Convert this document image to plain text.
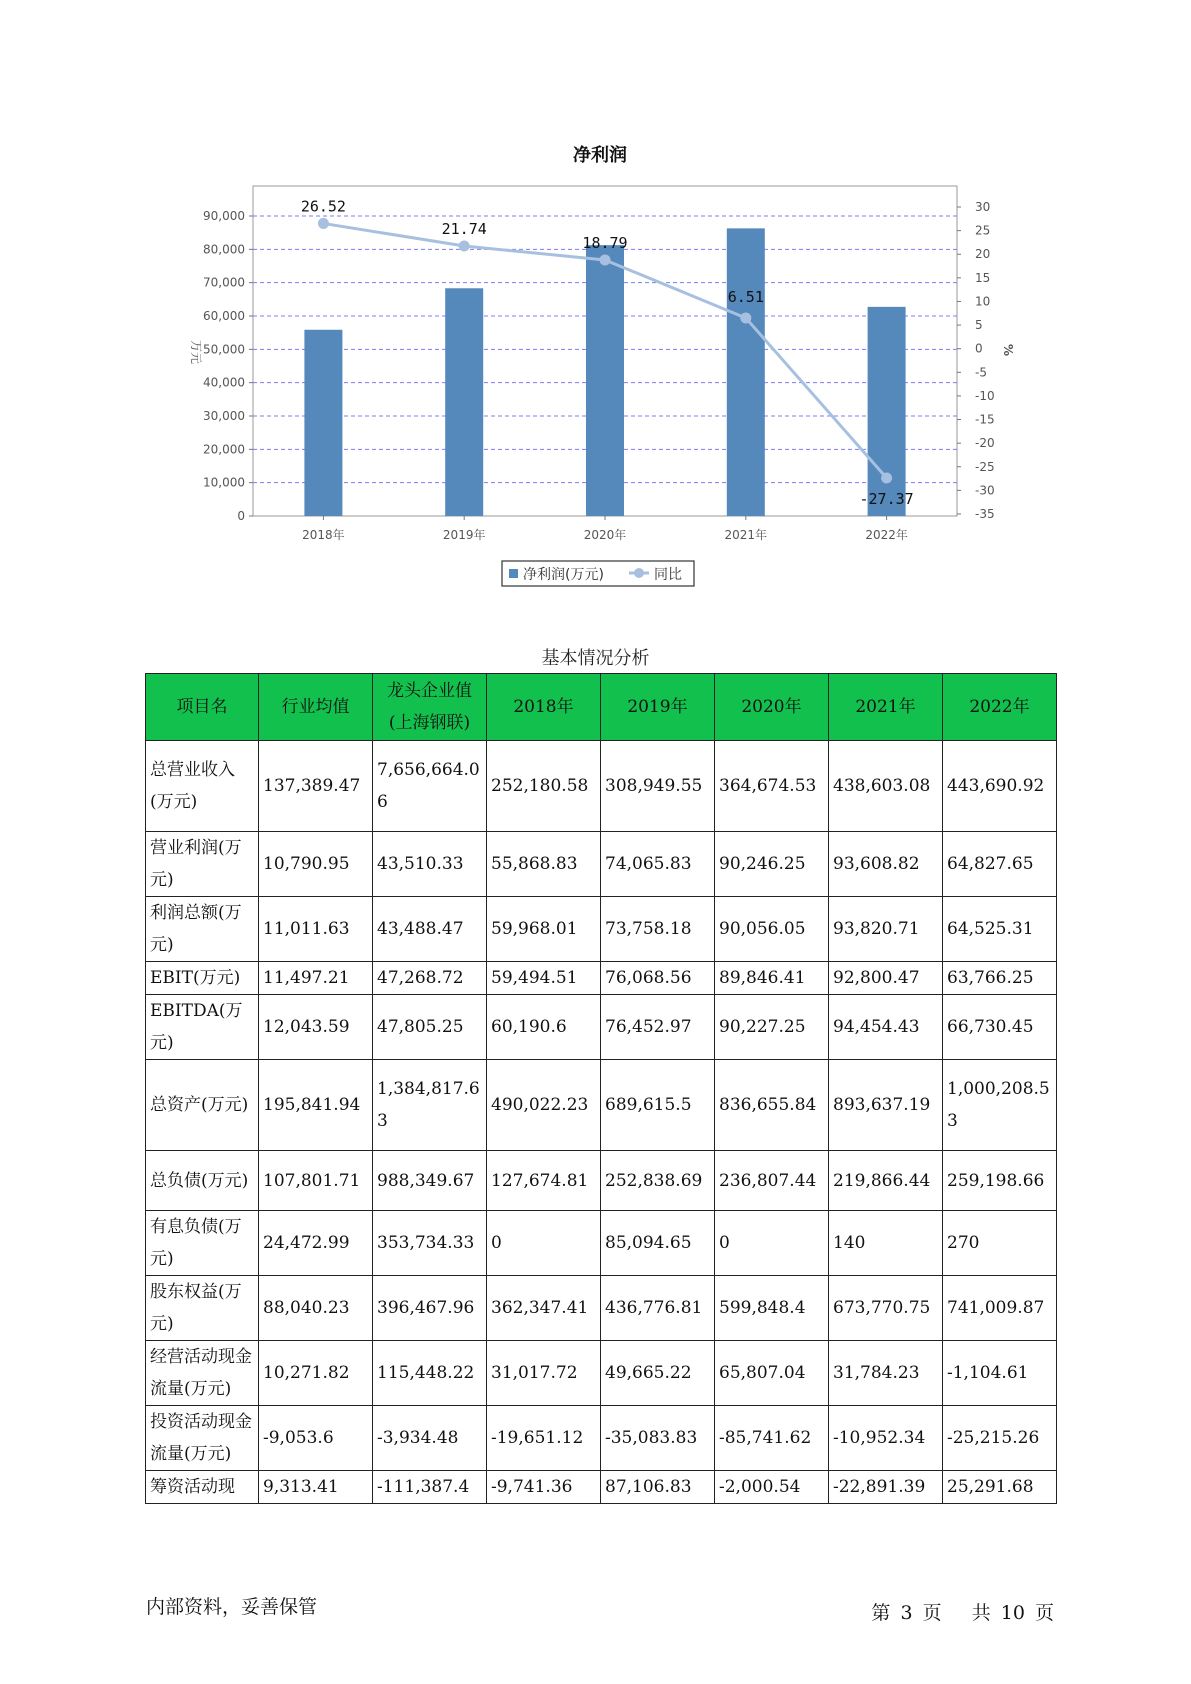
净利润
0
10,000
20,000
30,000
40,000
50,000
60,000
70,000
80,000
90,000
30
25
20
15
10
5
0
-5
-10
-15
-20
-25
-30
-35
万元	%
2018年	2019年	2020年	2021年	2022年
26.52
21.74
18.79
6.51
-27.37
净利润(万元)	同比
基本情况分析
项目名	行业均值	龙头企业值(上海钢联)	2018年	2019年	2020年	2021年	2022年
总营业收入(万元)	137,389.47	7,656,664.06	252,180.58	308,949.55	364,674.53	438,603.08	443,690.92
营业利润(万元)	10,790.95	43,510.33	55,868.83	74,065.83	90,246.25	93,608.82	64,827.65
利润总额(万元)	11,011.63	43,488.47	59,968.01	73,758.18	90,056.05	93,820.71	64,525.31
EBIT(万元)	11,497.21	47,268.72	59,494.51	76,068.56	89,846.41	92,800.47	63,766.25
EBITDA(万元)	12,043.59	47,805.25	60,190.6	76,452.97	90,227.25	94,454.43	66,730.45
总资产(万元)	195,841.94	1,384,817.63	490,022.23	689,615.5	836,655.84	893,637.19	1,000,208.53
总负债(万元)	107,801.71	988,349.67	127,674.81	252,838.69	236,807.44	219,866.44	259,198.66
有息负债(万元)	24,472.99	353,734.33	0	85,094.65	0	140	270
股东权益(万元)	88,040.23	396,467.96	362,347.41	436,776.81	599,848.4	673,770.75	741,009.87
经营活动现金流量(万元)	10,271.82	115,448.22	31,017.72	49,665.22	65,807.04	31,784.23	-1,104.61
投资活动现金流量(万元)	-9,053.6	-3,934.48	-19,651.12	-35,083.83	-85,741.62	-10,952.34	-25,215.26
筹资活动现	9,313.41	-111,387.4	-9,741.36	87,106.83	-2,000.54	-22,891.39	25,291.68
内部资料，妥善保管	第 3 页 共 10 页
